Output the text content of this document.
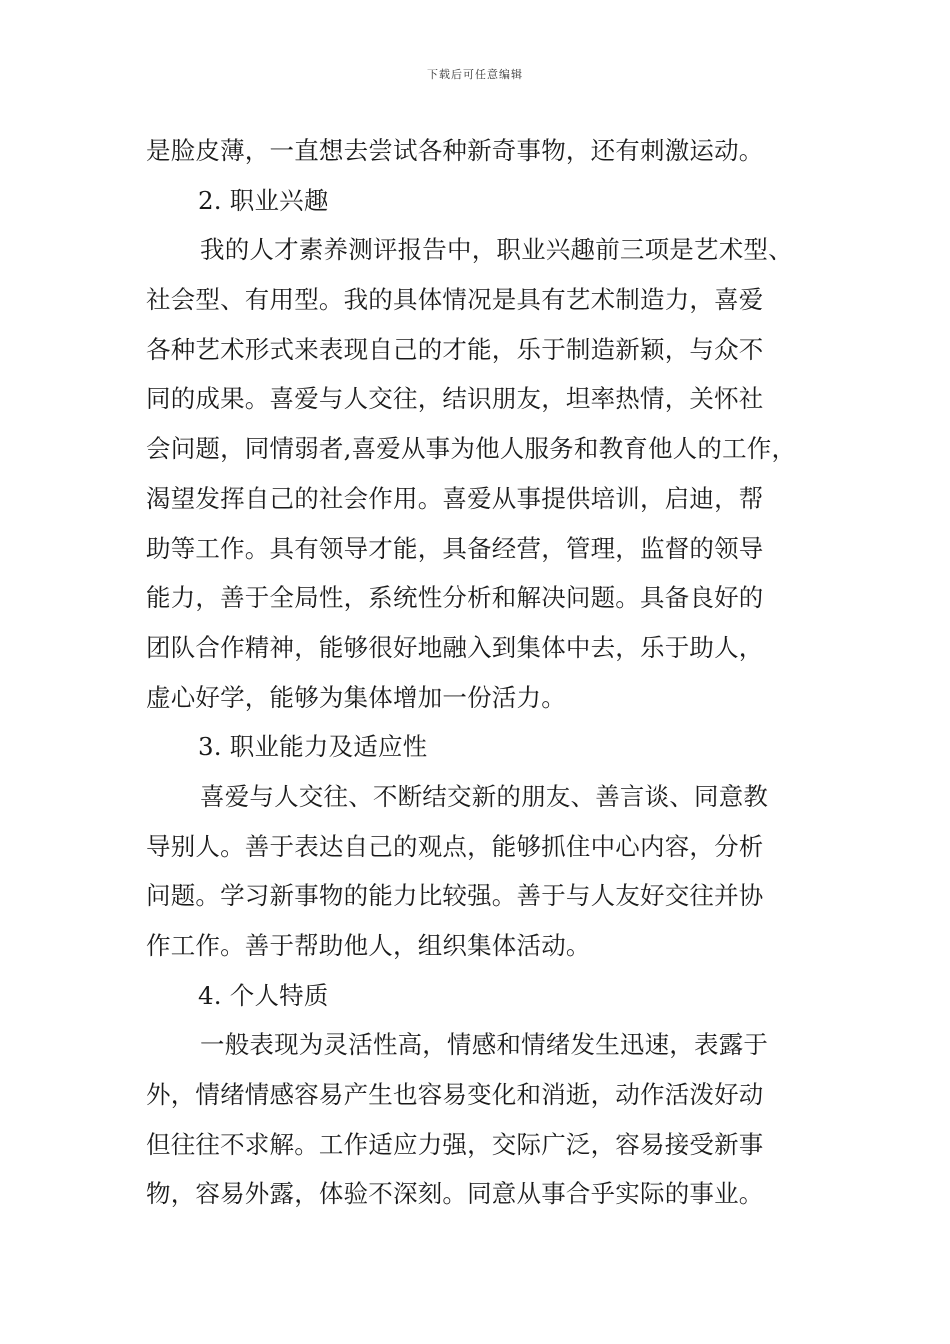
下载后可任意编辑
是脸皮薄，一直想去尝试各种新奇事物，还有刺激运动。
2. 职业兴趣
我的人才素养测评报告中，职业兴趣前三项是艺术型、
社会型、有用型。我的具体情况是具有艺术制造力，喜爱
各种艺术形式来表现自己的才能，乐于制造新颖，与众不
同的成果。喜爱与人交往，结识朋友，坦率热情，关怀社
会问题，同情弱者,喜爱从事为他人服务和教育他人的工作，
渴望发挥自己的社会作用。喜爱从事提供培训，启迪，帮
助等工作。具有领导才能，具备经营，管理，监督的领导
能力，善于全局性，系统性分析和解决问题。具备良好的
团队合作精神，能够很好地融入到集体中去，乐于助人，
虚心好学，能够为集体增加一份活力。
3. 职业能力及适应性
喜爱与人交往、不断结交新的朋友、善言谈、同意教
导别人。善于表达自己的观点，能够抓住中心内容，分析
问题。学习新事物的能力比较强。善于与人友好交往并协
作工作。善于帮助他人，组织集体活动。
4. 个人特质
一般表现为灵活性高，情感和情绪发生迅速，表露于
外，情绪情感容易产生也容易变化和消逝，动作活泼好动
但往往不求解。工作适应力强，交际广泛，容易接受新事
物，容易外露，体验不深刻。同意从事合乎实际的事业。
